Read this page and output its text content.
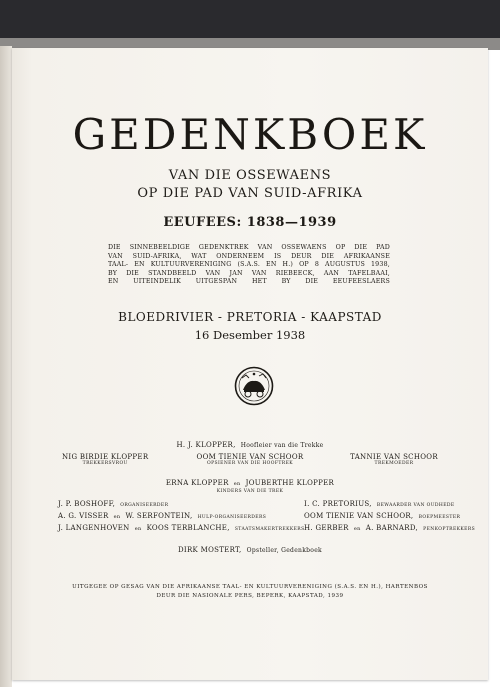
GEDENKBOEK
VAN DIE OSSEWAENS
OP DIE PAD VAN SUID-AFRIKA
EEUFEES: 1838—1939
DIE SINNEBEELDIGE GEDENKTREK VAN OSSEWAENS OP DIE PAD
VAN SUID-AFRIKA, WAT ONDERNEEM IS DEUR DIE AFRIKAANSE
TAAL- EN KULTUURVERENIGING (S.A.S. EN H.) OP 8 AUGUSTUS 1938,
BY DIE STANDBEELD VAN JAN VAN RIEBEECK, AAN TAFELBAAI,
EN UITEINDELIK UITGESPAN HET BY DIE EEUFEESLAERS
BLOEDRIVIER - PRETORIA - KAAPSTAD
16 Desember 1938
H. J. KLOPPER, Hoofleier van die Trekke
NIG BIRDIE KLOPPER
TREKKERSVROU
OOM TIENIE VAN SCHOOR
OPSIENER VAN DIE HOOFTREK
TANNIE VAN SCHOOR
TREKMOEDER
ERNA KLOPPER en JOUBERTHE KLOPPER
KINDERS VAN DIE TREK
J. P. BOSHOFF, ORGANISEERDER
A. G. VISSER en W. SERFONTEIN, HULP-ORGANISEERDERS
J. LANGENHOVEN en KOOS TERBLANCHE, STAATSMAKERTREKKERS
I. C. PRETORIUS, BEWAARDER VAN OUDHEDE
OOM TIENIE VAN SCHOOR, BOEPMEESTER
H. GERBER en A. BARNARD, PENKOPTREKKERS
DIRK MOSTERT, Opsteller, Gedenkboek
UITGEGEE OP GESAG VAN DIE AFRIKAANSE TAAL- EN KULTUURVERENIGING (S.A.S. EN H.), HARTENBOS
DEUR DIE NASIONALE PERS, BEPERK, KAAPSTAD, 1939
